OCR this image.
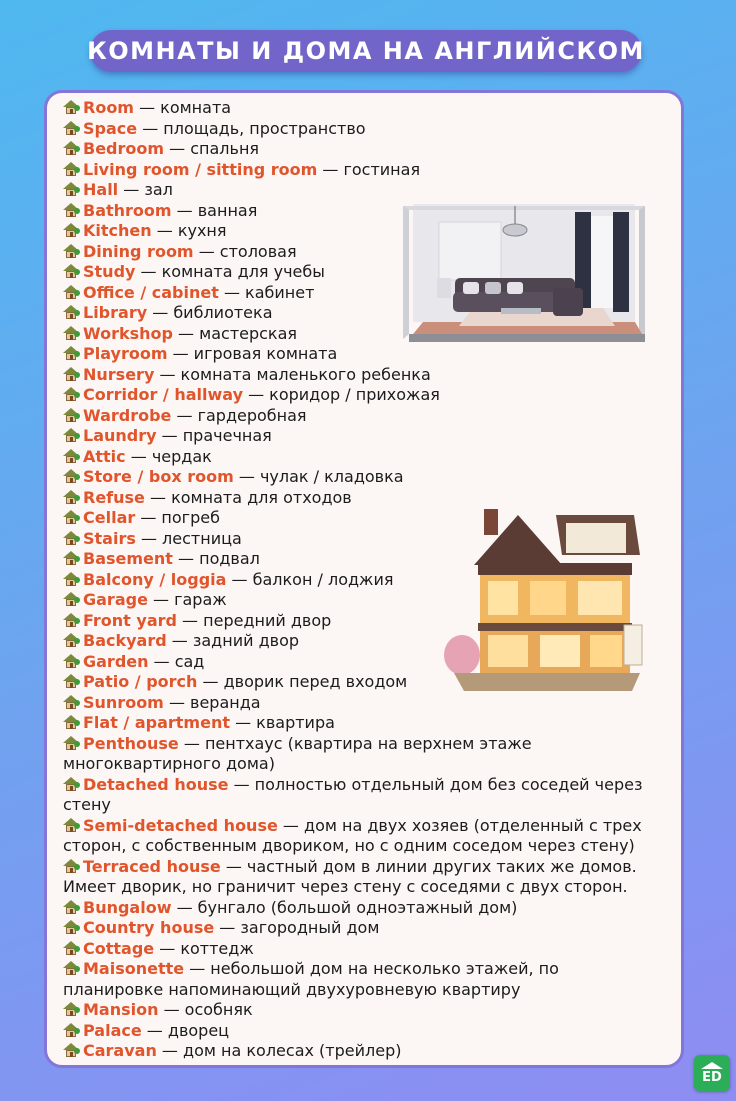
КОМНАТЫ И ДОМА НА АНГЛИЙСКОМ
Room — комната
Space — площадь, пространство
Bedroom — спальня
Living room / sitting room — гостиная
Hall — зал
Bathroom — ванная
Kitchen — кухня
Dining room — столовая
Study — комната для учебы
Office / cabinet — кабинет
Library — библиотека
Workshop — мастерская
Playroom — игровая комната
Nursery — комната маленького ребенка
Corridor / hallway — коридор / прихожая
Wardrobe — гардеробная
Laundry — прачечная
Attic — чердак
Store / box room — чулак / кладовка
Refuse — комната для отходов
Cellar — погреб
Stairs — лестница
Basement — подвал
Balcony / loggia — балкон / лоджия
Garage — гараж
Front yard — передний двор
Backyard — задний двор
Garden — сад
Patio / porch — дворик перед входом
Sunroom — веранда
Flat / apartment — квартира
Penthouse — пентхаус (квартира на верхнем этаже многоквартирного дома)
Detached house — полностью отдельный дом без соседей через стену
Semi-detached house — дом на двух хозяев (отделенный с трех сторон, с собственным двориком, но с одним соседом через стену)
Terraced house — частный дом в линии других таких же домов. Имеет дворик, но граничит через стену с соседями с двух сторон.
Bungalow — бунгало (большой одноэтажный дом)
Country house — загородный дом
Cottage — коттедж
Maisonette — небольшой дом на несколько этажей, по планировке напоминающий двухуровневую квартиру
Mansion — особняк
Palace — дворец
Caravan — дом на колесах (трейлер)
ED
